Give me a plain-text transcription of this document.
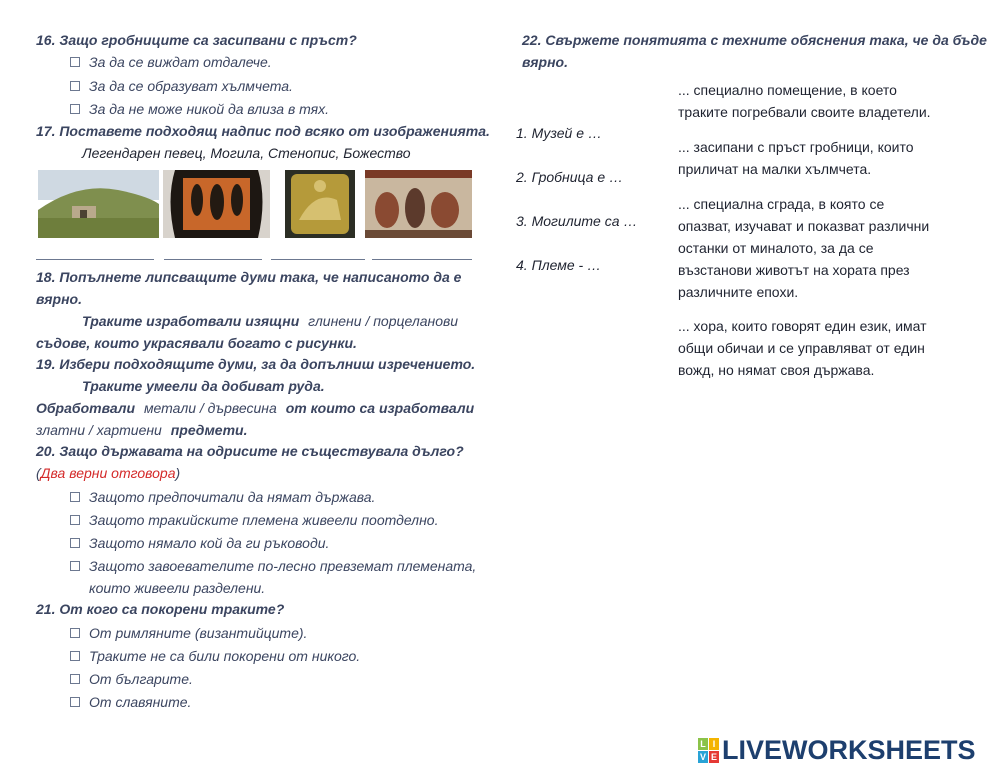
16. Защо гробниците са засипвани с пръст?
За да се виждат отдалече.
За да се образуват хълмчета.
За да не може никой да влиза в тях.
17. Поставете подходящ надпис под всяко от изображенията.
Легендарен певец, Могила, Стенопис, Божество
18. Попълнете липсващите думи така, че написаното да е
вярно.
Траките изработвали изящни глинени / порцеланови
съдове, които украсявали богато с рисунки.
19. Избери подходящите думи, за да допълниш изречението.
Траките умеели да добиват руда.
Обработвали метали / дървесина от които са изработвали
златни / хартиени предмети.
20. Защо държавата на одрисите не съществувала дълго?
(Два верни отговора)
Защото предпочитали да нямат държава.
Защото тракийските племена живеели поотделно.
Защото нямало кой да ги ръководи.
Защото завоевателите по-лесно превземат племената,
които живеели разделени.
21. От кого са покорени траките?
От римляните (византийците).
Траките не са били покорени от никого.
От българите.
От славяните.
22. Свържете понятията с техните обяснения така, че да бъде
вярно.
1. Музей е …
2. Гробница е …
3. Могилите са …
4. Племе - …
... специално помещение, в което
траките погребвали своите владетели.
... засипани с пръст гробници, които
приличат на малки хълмчета.
... специална сграда, в която се
опазват, изучават и показват различни
останки от миналото, за да се
възстанови животът на хората през
различните епохи.
... хора, които говорят един език, имат
общи обичаи и се управляват от един
вожд, но нямат своя държава.
L I
V E LIVEWORKSHEETS
